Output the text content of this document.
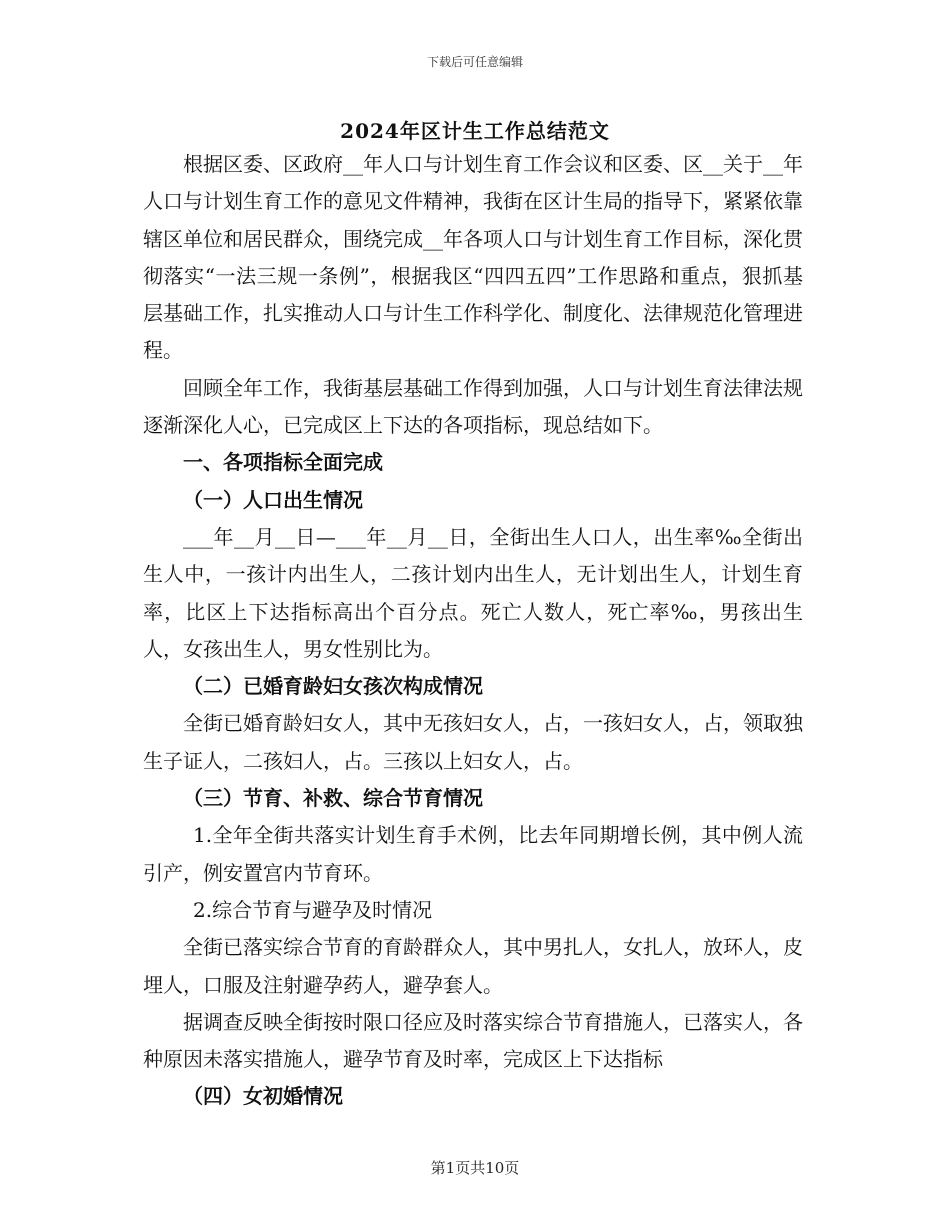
下载后可任意编辑
2024年区计生工作总结范文

根据区委、区政府__年人口与计划生育工作会议和区委、区__关于__年人口与计划生育工作的意见文件精神，我街在区计生局的指导下，紧紧依靠辖区单位和居民群众，围绕完成__年各项人口与计划生育工作目标，深化贯彻落实“一法三规一条例”，根据我区“四四五四”工作思路和重点，狠抓基层基础工作，扎实推动人口与计生工作科学化、制度化、法律规范化管理进程。

回顾全年工作，我街基层基础工作得到加强，人口与计划生育法律法规逐渐深化人心，已完成区上下达的各项指标，现总结如下。

一、各项指标全面完成

（一）人口出生情况

___年__月__日—___年__月__日，全街出生人口人，出生率‰全街出生人中，一孩计内出生人，二孩计划内出生人，无计划出生人，计划生育率，比区上下达指标高出个百分点。死亡人数人，死亡率‰，男孩出生人，女孩出生人，男女性别比为。

（二）已婚育龄妇女孩次构成情况

全街已婚育龄妇女人，其中无孩妇女人，占，一孩妇女人，占，领取独生子证人，二孩妇人，占。三孩以上妇女人，占。

（三）节育、补救、综合节育情况

1.全年全街共落实计划生育手术例，比去年同期增长例，其中例人流引产，例安置宫内节育环。

2.综合节育与避孕及时情况

全街已落实综合节育的育龄群众人，其中男扎人，女扎人，放环人，皮埋人，口服及注射避孕药人，避孕套人。

据调查反映全街按时限口径应及时落实综合节育措施人，已落实人，各种原因未落实措施人，避孕节育及时率，完成区上下达指标

（四）女初婚情况

第1页共10页
